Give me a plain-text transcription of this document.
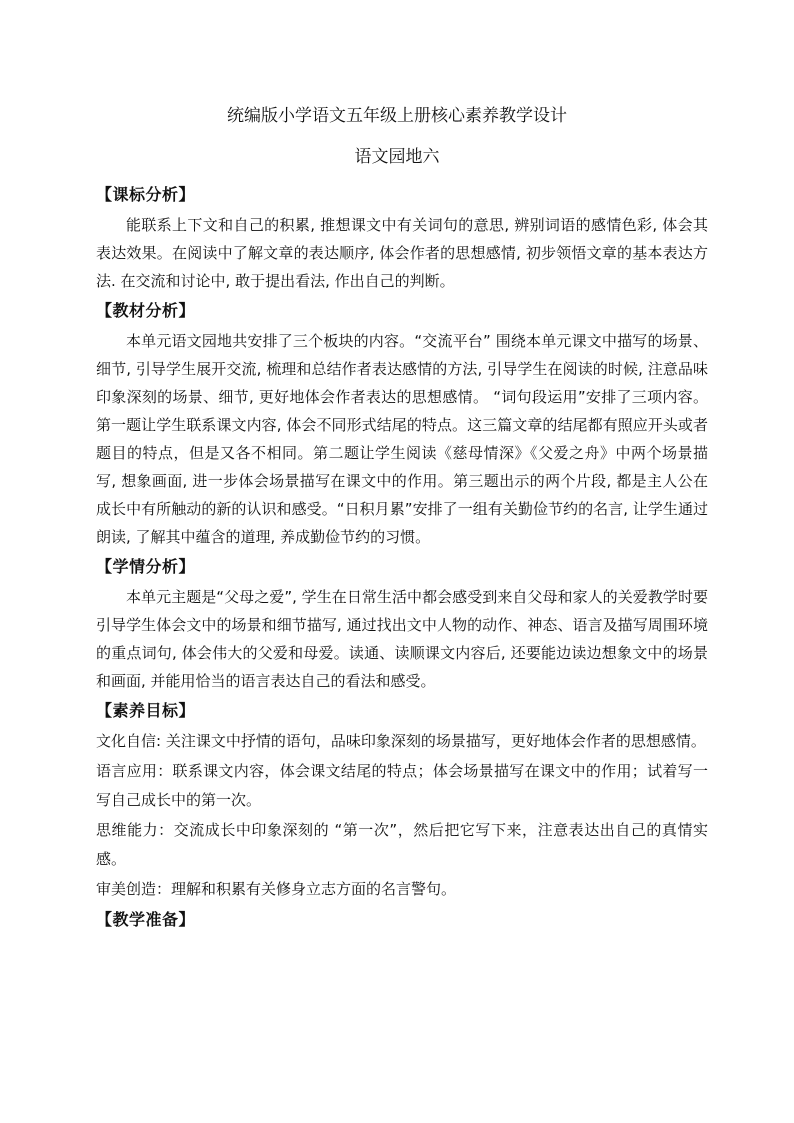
统编版小学语文五年级上册核心素养教学设计
语文园地六
【课标分析】

能联系上下文和自己的积累, 推想课文中有关词句的意思, 辨别词语的感情色彩, 体会其表达效果。在阅读中了解文章的表达顺序, 体会作者的思想感情, 初步领悟文章的基本表达方法. 在交流和讨论中, 敢于提出看法, 作出自己的判断。

【教材分析】

本单元语文园地共安排了三个板块的内容。“交流平台” 围绕本单元课文中描写的场景、细节, 引导学生展开交流, 梳理和总结作者表达感情的方法, 引导学生在阅读的时候, 注意品味印象深刻的场景、细节, 更好地体会作者表达的思想感情。 “词句段运用”安排了三项内容。第一题让学生联系课文内容, 体会不同形式结尾的特点。这三篇文章的结尾都有照应开头或者题目的特点，但是又各不相同。第二题让学生阅读《慈母情深》《父爱之舟》中两个场景描写, 想象画面, 进一步体会场景描写在课文中的作用。第三题出示的两个片段, 都是主人公在成长中有所触动的新的认识和感受。“日积月累”安排了一组有关勤俭节约的名言, 让学生通过朗读, 了解其中蕴含的道理, 养成勤俭节约的习惯。

【学情分析】

本单元主题是“父母之爱”, 学生在日常生活中都会感受到来自父母和家人的关爱教学时要引导学生体会文中的场景和细节描写, 通过找出文中人物的动作、神态、语言及描写周围环境的重点词句, 体会伟大的父爱和母爱。读通、读顺课文内容后, 还要能边读边想象文中的场景和画面, 并能用恰当的语言表达自己的看法和感受。

【素养目标】

文化自信: 关注课文中抒情的语句，品味印象深刻的场景描写，更好地体会作者的思想感情。

语言应用：联系课文内容，体会课文结尾的特点；体会场景描写在课文中的作用；试着写一写自己成长中的第一次。

思维能力：交流成长中印象深刻的 “第一次”，然后把它写下来，注意表达出自己的真情实感。

审美创造：理解和积累有关修身立志方面的名言警句。

【教学准备】
